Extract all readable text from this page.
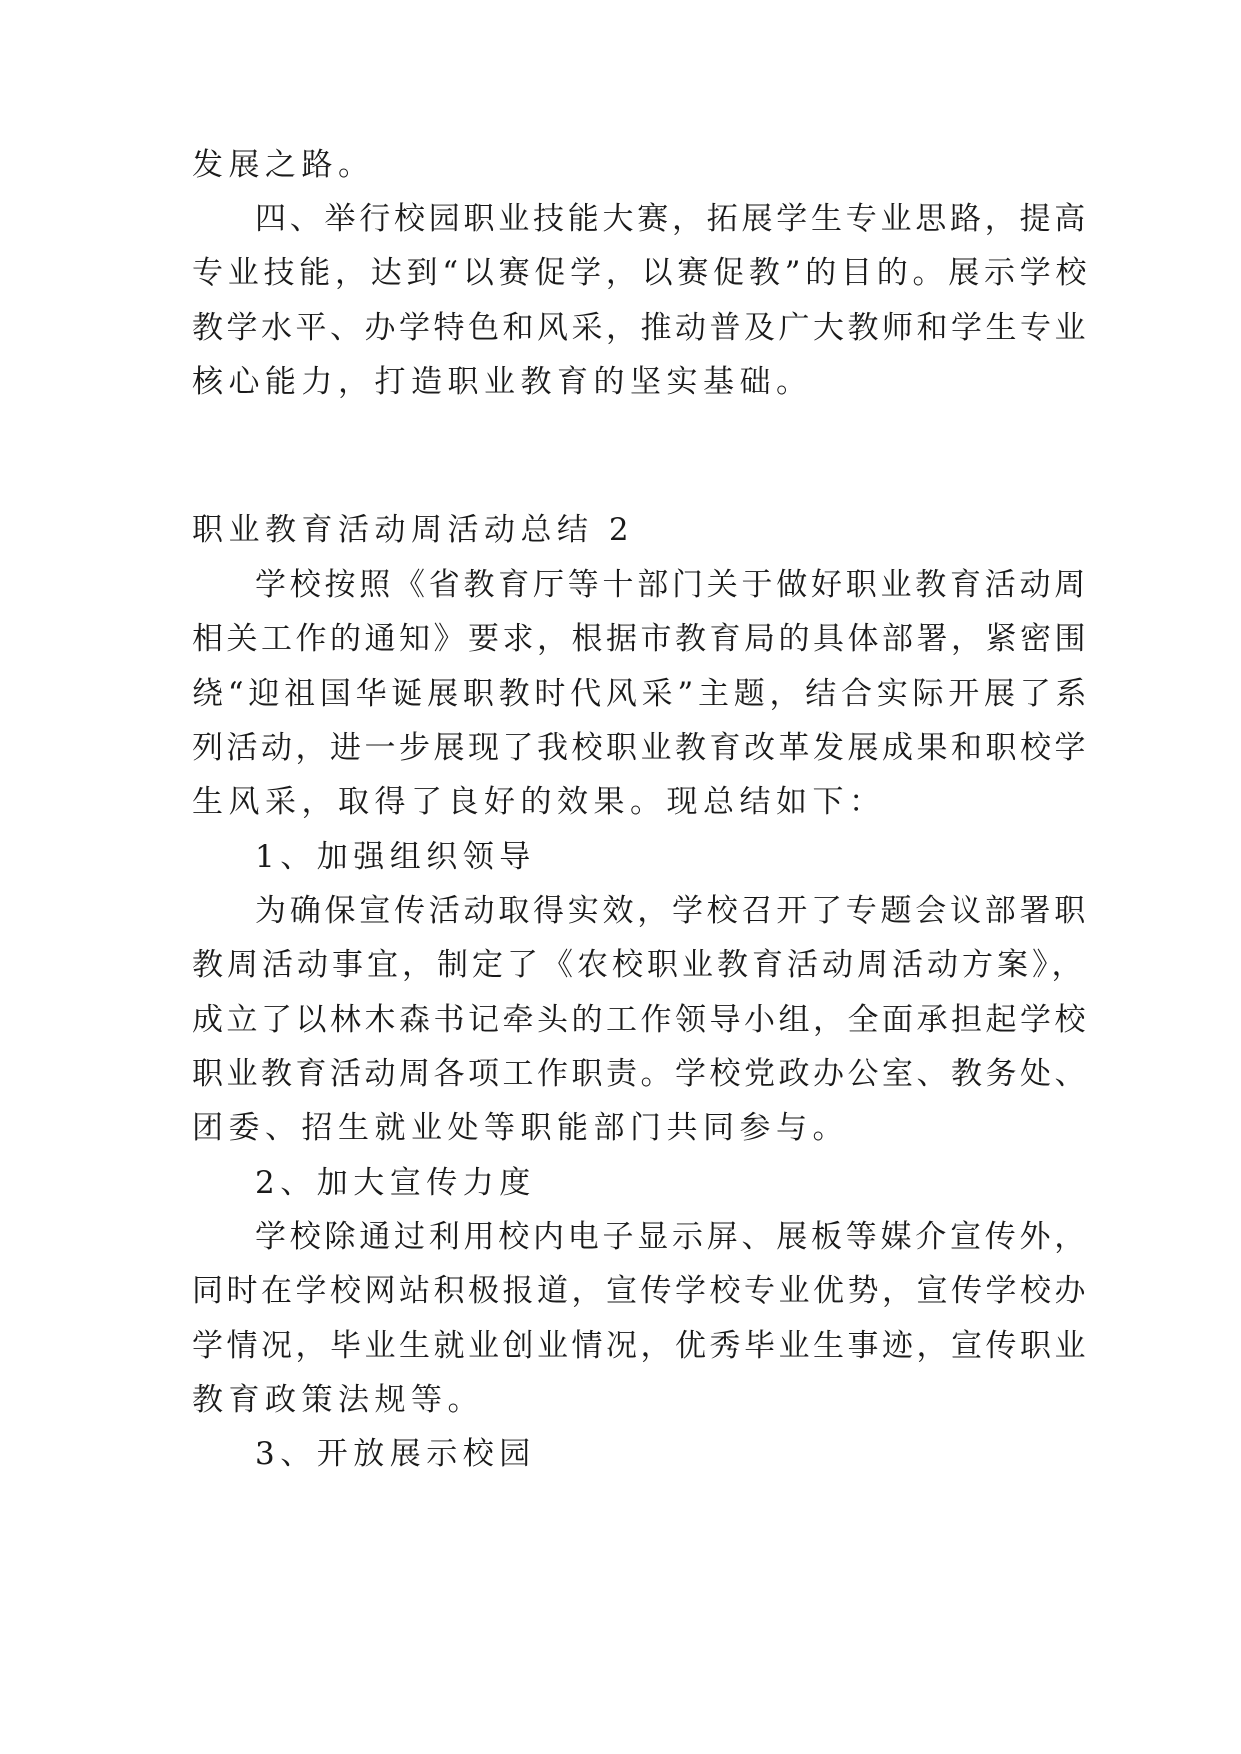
发展之路。

四、举行校园职业技能大赛，拓展学生专业思路，提高

专业技能，达到“以赛促学，以赛促教”的目的。展示学校

教学水平、办学特色和风采，推动普及广大教师和学生专业

核心能力，打造职业教育的坚实基础。

职业教育活动周活动总结 2

学校按照《省教育厅等十部门关于做好职业教育活动周

相关工作的通知》要求，根据市教育局的具体部署，紧密围

绕“迎祖国华诞展职教时代风采”主题，结合实际开展了系

列活动，进一步展现了我校职业教育改革发展成果和职校学

生风采，取得了良好的效果。现总结如下：

1、加强组织领导

为确保宣传活动取得实效，学校召开了专题会议部署职

教周活动事宜，制定了《农校职业教育活动周活动方案》，

成立了以林木森书记牵头的工作领导小组，全面承担起学校

职业教育活动周各项工作职责。学校党政办公室、教务处、

团委、招生就业处等职能部门共同参与。

2、加大宣传力度

学校除通过利用校内电子显示屏、展板等媒介宣传外，

同时在学校网站积极报道，宣传学校专业优势，宣传学校办

学情况，毕业生就业创业情况，优秀毕业生事迹，宣传职业

教育政策法规等。

3、开放展示校园
